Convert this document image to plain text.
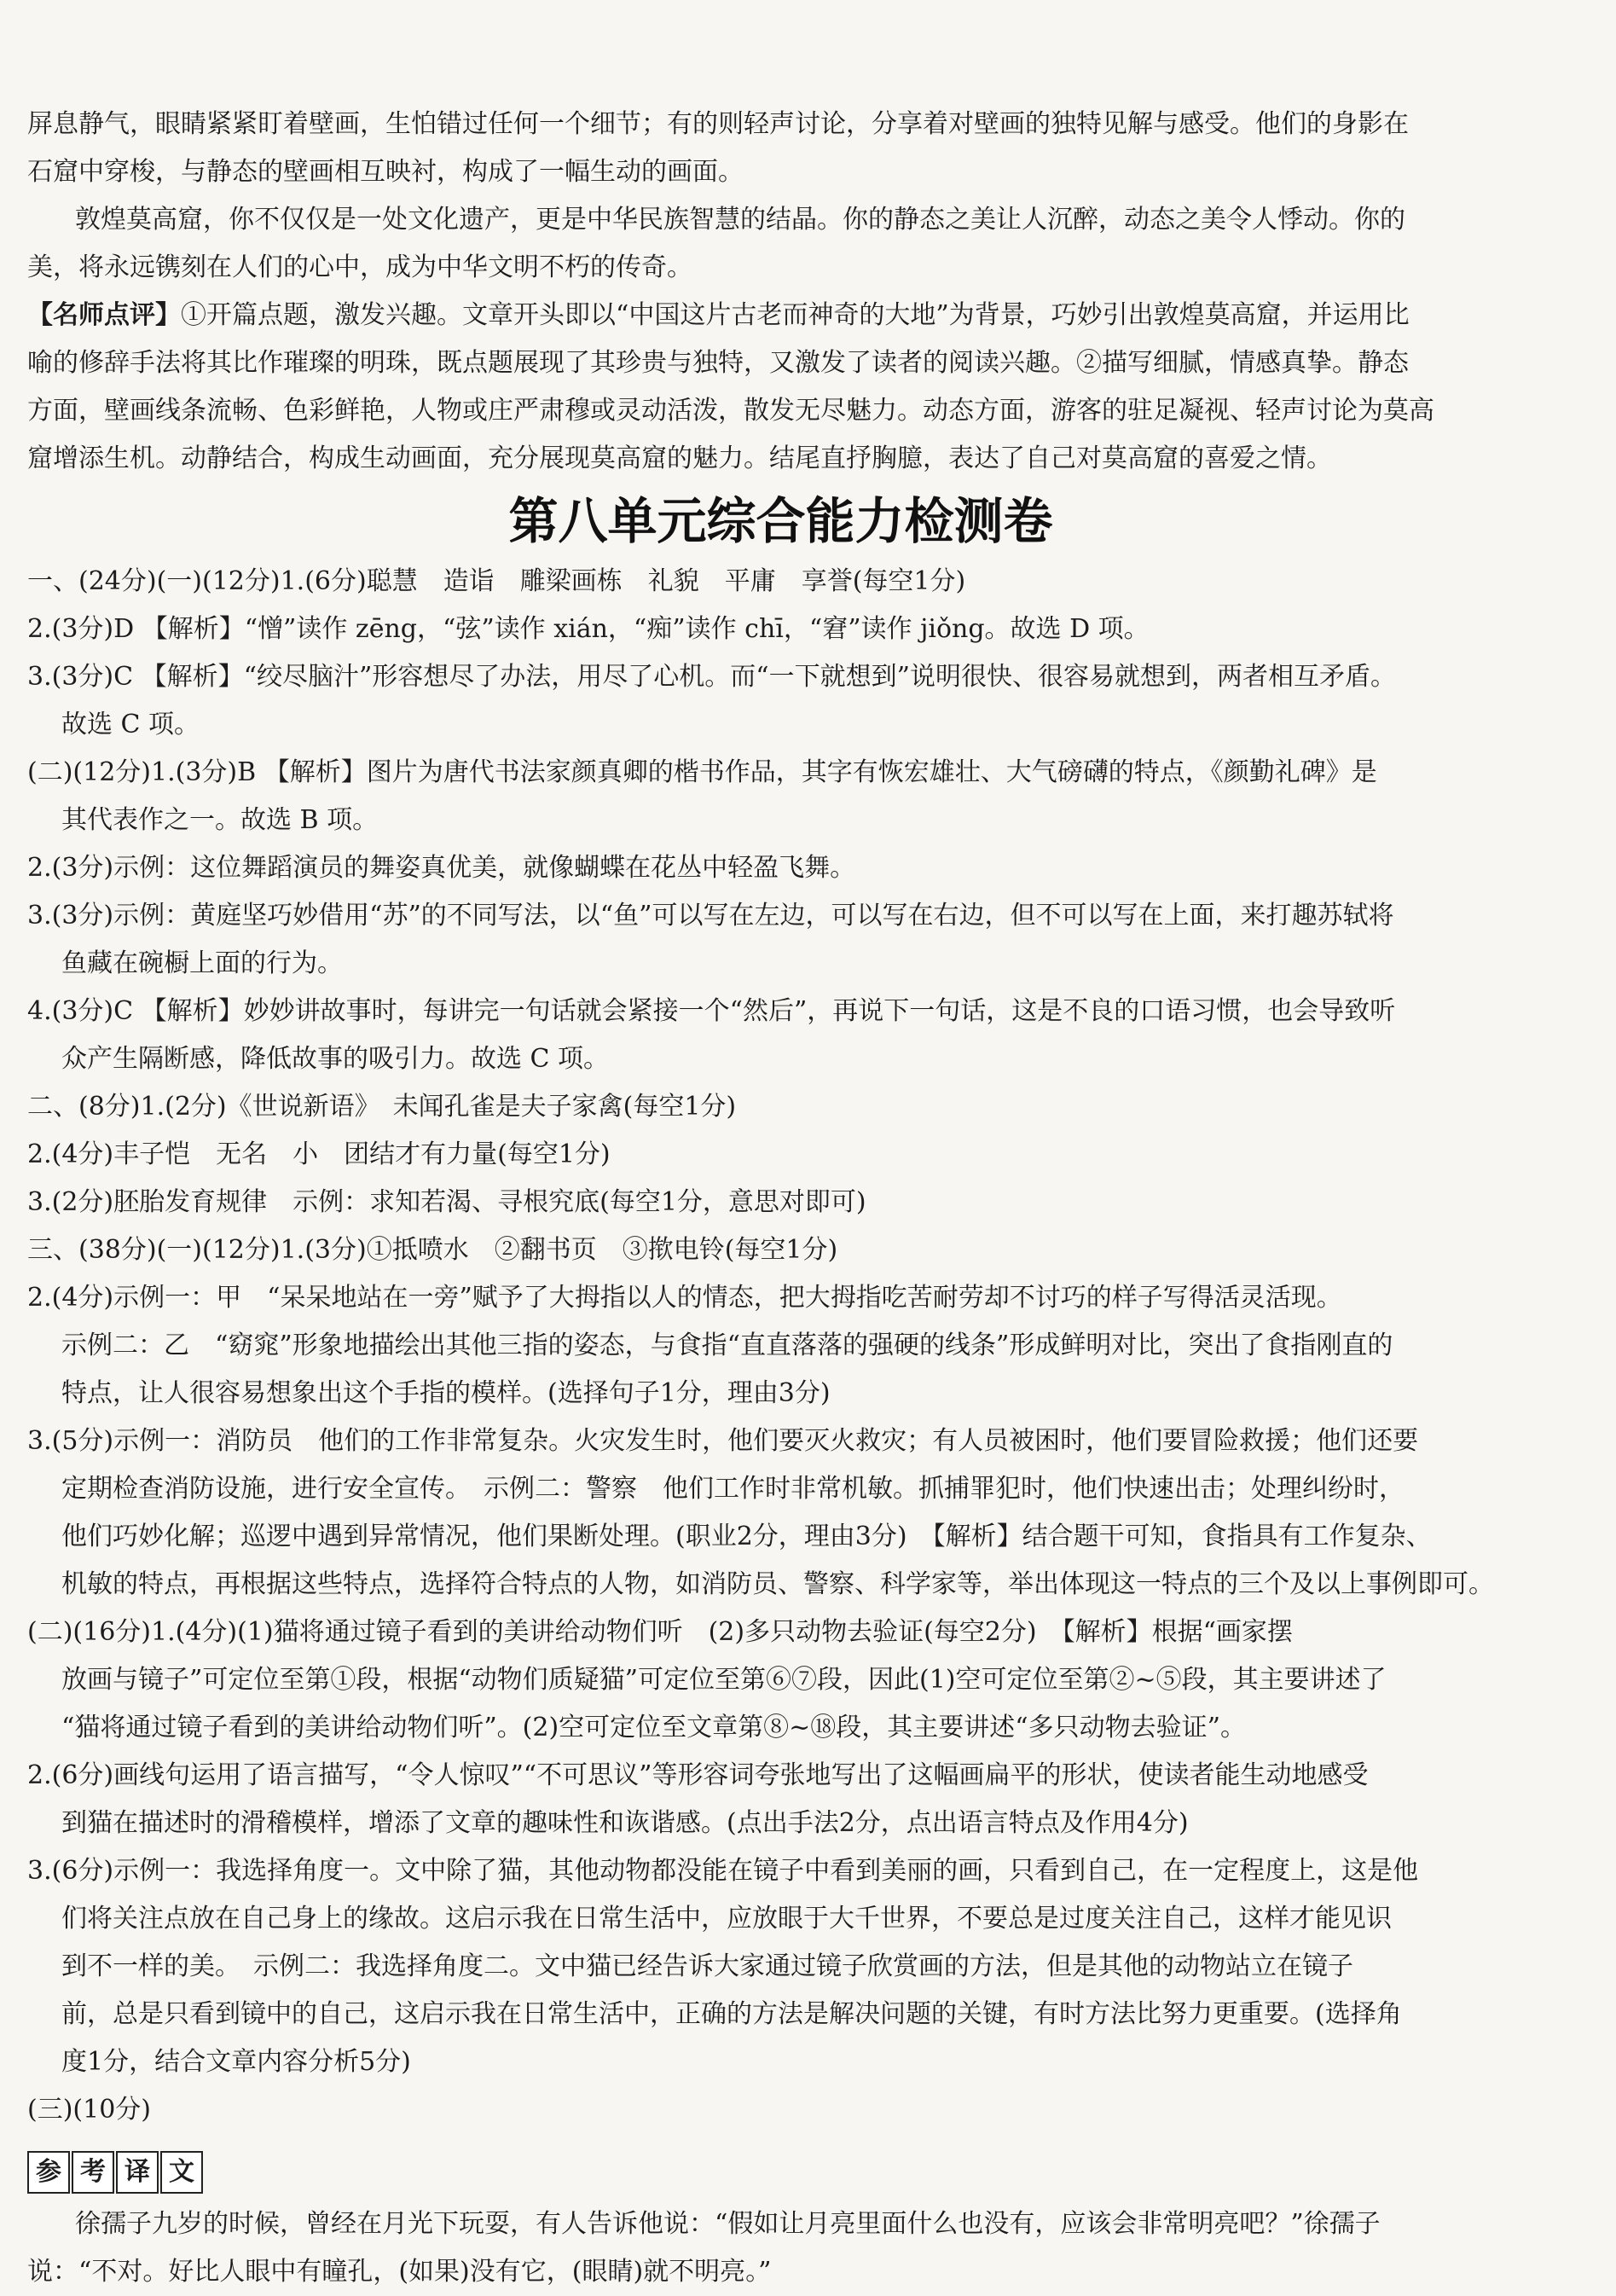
屏息静气，眼睛紧紧盯着壁画，生怕错过任何一个细节；有的则轻声讨论，分享着对壁画的独特见解与感受。他们的身影在
石窟中穿梭，与静态的壁画相互映衬，构成了一幅生动的画面。
敦煌莫高窟，你不仅仅是一处文化遗产，更是中华民族智慧的结晶。你的静态之美让人沉醉，动态之美令人悸动。你的
美，将永远镌刻在人们的心中，成为中华文明不朽的传奇。
【名师点评】①开篇点题，激发兴趣。文章开头即以“中国这片古老而神奇的大地”为背景，巧妙引出敦煌莫高窟，并运用比
喻的修辞手法将其比作璀璨的明珠，既点题展现了其珍贵与独特，又激发了读者的阅读兴趣。②描写细腻，情感真挚。静态
方面，壁画线条流畅、色彩鲜艳，人物或庄严肃穆或灵动活泼，散发无尽魅力。动态方面，游客的驻足凝视、轻声讨论为莫高
窟增添生机。动静结合，构成生动画面，充分展现莫高窟的魅力。结尾直抒胸臆，表达了自己对莫高窟的喜爱之情。
第八单元综合能力检测卷
一、(24分)(一)(12分)1.(6分)聪慧　造诣　雕梁画栋　礼貌　平庸　享誉(每空1分)
2.(3分)D 【解析】“憎”读作 zēng，“弦”读作 xián，“痴”读作 chī，“窘”读作 jiǒng。故选 D 项。
3.(3分)C 【解析】“绞尽脑汁”形容想尽了办法，用尽了心机。而“一下就想到”说明很快、很容易就想到，两者相互矛盾。
故选 C 项。
(二)(12分)1.(3分)B 【解析】图片为唐代书法家颜真卿的楷书作品，其字有恢宏雄壮、大气磅礴的特点，《颜勤礼碑》是
其代表作之一。故选 B 项。
2.(3分)示例：这位舞蹈演员的舞姿真优美，就像蝴蝶在花丛中轻盈飞舞。
3.(3分)示例：黄庭坚巧妙借用“苏”的不同写法，以“鱼”可以写在左边，可以写在右边，但不可以写在上面，来打趣苏轼将
鱼藏在碗橱上面的行为。
4.(3分)C 【解析】妙妙讲故事时，每讲完一句话就会紧接一个“然后”，再说下一句话，这是不良的口语习惯，也会导致听
众产生隔断感，降低故事的吸引力。故选 C 项。
二、(8分)1.(2分)《世说新语》　未闻孔雀是夫子家禽(每空1分)
2.(4分)丰子恺　无名　小　团结才有力量(每空1分)
3.(2分)胚胎发育规律　示例：求知若渴、寻根究底(每空1分，意思对即可)
三、(38分)(一)(12分)1.(3分)①抵喷水　②翻书页　③揿电铃(每空1分)
2.(4分)示例一：甲　“呆呆地站在一旁”赋予了大拇指以人的情态，把大拇指吃苦耐劳却不讨巧的样子写得活灵活现。
示例二：乙　“窈窕”形象地描绘出其他三指的姿态，与食指“直直落落的强硬的线条”形成鲜明对比，突出了食指刚直的
特点，让人很容易想象出这个手指的模样。(选择句子1分，理由3分)
3.(5分)示例一：消防员　他们的工作非常复杂。火灾发生时，他们要灭火救灾；有人员被困时，他们要冒险救援；他们还要
定期检查消防设施，进行安全宣传。　示例二：警察　他们工作时非常机敏。抓捕罪犯时，他们快速出击；处理纠纷时，
他们巧妙化解；巡逻中遇到异常情况，他们果断处理。(职业2分，理由3分)　【解析】结合题干可知，食指具有工作复杂、
机敏的特点，再根据这些特点，选择符合特点的人物，如消防员、警察、科学家等，举出体现这一特点的三个及以上事例即可。
(二)(16分)1.(4分)(1)猫将通过镜子看到的美讲给动物们听　(2)多只动物去验证(每空2分)　【解析】根据“画家摆
放画与镜子”可定位至第①段，根据“动物们质疑猫”可定位至第⑥⑦段，因此(1)空可定位至第②~⑤段，其主要讲述了
“猫将通过镜子看到的美讲给动物们听”。(2)空可定位至文章第⑧~⑱段，其主要讲述“多只动物去验证”。
2.(6分)画线句运用了语言描写，“令人惊叹”“不可思议”等形容词夸张地写出了这幅画扁平的形状，使读者能生动地感受
到猫在描述时的滑稽模样，增添了文章的趣味性和诙谐感。(点出手法2分，点出语言特点及作用4分)
3.(6分)示例一：我选择角度一。文中除了猫，其他动物都没能在镜子中看到美丽的画，只看到自己，在一定程度上，这是他
们将关注点放在自己身上的缘故。这启示我在日常生活中，应放眼于大千世界，不要总是过度关注自己，这样才能见识
到不一样的美。　示例二：我选择角度二。文中猫已经告诉大家通过镜子欣赏画的方法，但是其他的动物站立在镜子
前，总是只看到镜中的自己，这启示我在日常生活中，正确的方法是解决问题的关键，有时方法比努力更重要。(选择角
度1分，结合文章内容分析5分)
(三)(10分)
参 考 译 文
徐孺子九岁的时候，曾经在月光下玩耍，有人告诉他说：“假如让月亮里面什么也没有，应该会非常明亮吧？”徐孺子
说：“不对。好比人眼中有瞳孔，(如果)没有它，(眼睛)就不明亮。”
